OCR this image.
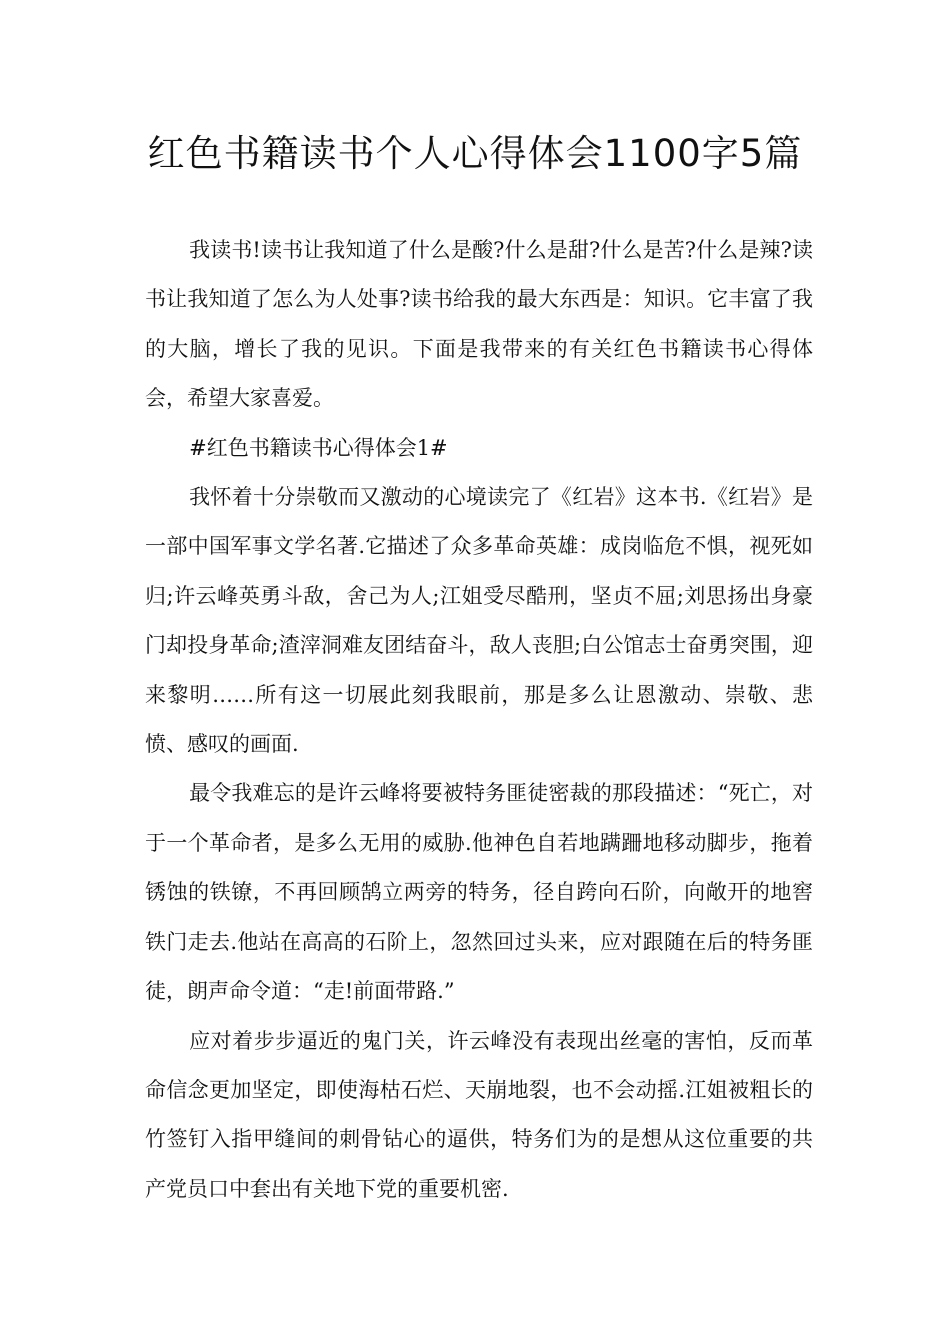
红色书籍读书个人心得体会1100字5篇

我读书!读书让我知道了什么是酸?什么是甜?什么是苦?什么是辣?读书让我知道了怎么为人处事?读书给我的最大东西是：知识。它丰富了我的大脑，增长了我的见识。下面是我带来的有关红色书籍读书心得体会，希望大家喜爱。

#红色书籍读书心得体会1#

我怀着十分崇敬而又激动的心境读完了《红岩》这本书.《红岩》是一部中国军事文学名著.它描述了众多革命英雄：成岗临危不惧，视死如归;许云峰英勇斗敌，舍己为人;江姐受尽酷刑，坚贞不屈;刘思扬出身豪门却投身革命;渣滓洞难友团结奋斗，敌人丧胆;白公馆志士奋勇突围，迎来黎明……所有这一切展此刻我眼前，那是多么让恩激动、崇敬、悲愤、感叹的画面.

最令我难忘的是许云峰将要被特务匪徒密裁的那段描述：“死亡，对于一个革命者，是多么无用的威胁.他神色自若地蹒跚地移动脚步，拖着锈蚀的铁镣，不再回顾鹄立两旁的特务，径自跨向石阶，向敞开的地窖铁门走去.他站在高高的石阶上，忽然回过头来，应对跟随在后的特务匪徒，朗声命令道：“走!前面带路.”

应对着步步逼近的鬼门关，许云峰没有表现出丝毫的害怕，反而革命信念更加坚定，即使海枯石烂、天崩地裂，也不会动摇.江姐被粗长的竹签钉入指甲缝间的刺骨钻心的逼供，特务们为的是想从这位重要的共产党员口中套出有关地下党的重要机密.
